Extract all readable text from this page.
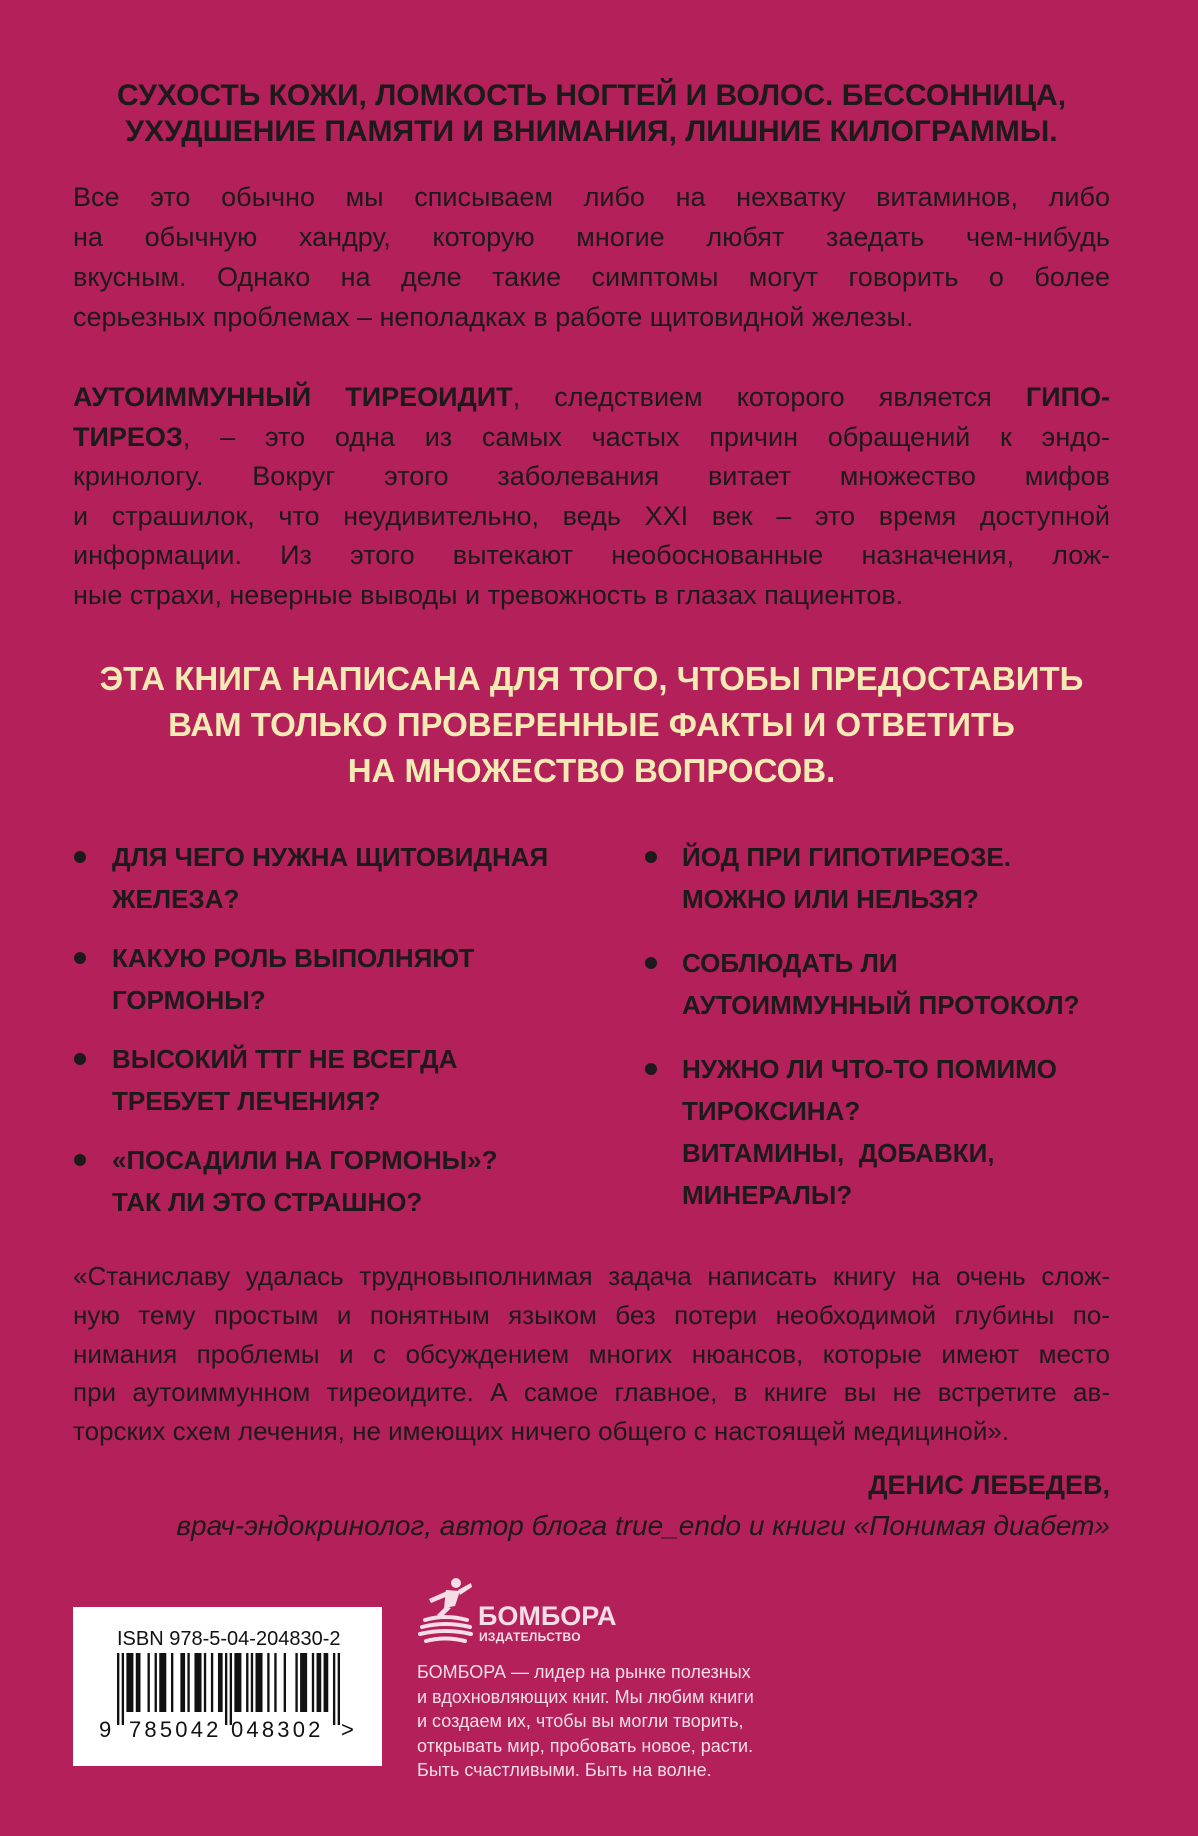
СУХОСТЬ КОЖИ, ЛОМКОСТЬ НОГТЕЙ И ВОЛОС. БЕССОННИЦА,
УХУДШЕНИЕ ПАМЯТИ И ВНИМАНИЯ, ЛИШНИЕ КИЛОГРАММЫ.
Все это обычно мы списываем либо на нехватку витаминов, либо
на обычную хандру, которую многие любят заедать чем-нибудь
вкусным. Однако на деле такие симптомы могут говорить о более
серьезных проблемах – неполадках в работе щитовидной железы.
АУТОИММУННЫЙ ТИРЕОИДИТ, следствием которого является ГИПО-
ТИРЕОЗ, – это одна из самых частых причин обращений к эндо-
кринологу. Вокруг этого заболевания витает множество мифов
и страшилок, что неудивительно, ведь XXI век – это время доступной
информации. Из этого вытекают необоснованные назначения, лож-
ные страхи, неверные выводы и тревожность в глазах пациентов.
ЭТА КНИГА НАПИСАНА ДЛЯ ТОГО, ЧТОБЫ ПРЕДОСТАВИТЬ
ВАМ ТОЛЬКО ПРОВЕРЕННЫЕ ФАКТЫ И ОТВЕТИТЬ
НА МНОЖЕСТВО ВОПРОСОВ.
ДЛЯ ЧЕГО НУЖНА ЩИТОВИДНАЯ
ЖЕЛЕЗА?
КАКУЮ РОЛЬ ВЫПОЛНЯЮТ
ГОРМОНЫ?
ВЫСОКИЙ ТТГ НЕ ВСЕГДА
ТРЕБУЕТ ЛЕЧЕНИЯ?
«ПОСАДИЛИ НА ГОРМОНЫ»?
ТАК ЛИ ЭТО СТРАШНО?
ЙОД ПРИ ГИПОТИРЕОЗЕ.
МОЖНО ИЛИ НЕЛЬЗЯ?
СОБЛЮДАТЬ ЛИ
АУТОИММУННЫЙ ПРОТОКОЛ?
НУЖНО ЛИ ЧТО-ТО ПОМИМО
ТИРОКСИНА?
ВИТАМИНЫ,  ДОБАВКИ,
МИНЕРАЛЫ?
«Станиславу удалась трудновыполнимая задача написать книгу на очень слож-
ную тему простым и понятным языком без потери необходимой глубины по-
нимания проблемы и с обсуждением многих нюансов, которые имеют место
при аутоиммунном тиреоидите. А самое главное, в книге вы не встретите ав-
торских схем лечения, не имеющих ничего общего с настоящей медициной».
ДЕНИС ЛЕБЕДЕВ,
врач-эндокринолог, автор блога true_endo и книги «Понимая диабет»
ISBN 978-5-04-204830-2
9 785042 048302 >
БОМБОРА
ИЗДАТЕЛЬСТВО
БОМБОРА — лидер на рынке полезных
и вдохновляющих книг. Мы любим книги
и создаем их, чтобы вы могли творить,
открывать мир, пробовать новое, расти.
Быть счастливыми. Быть на волне.
